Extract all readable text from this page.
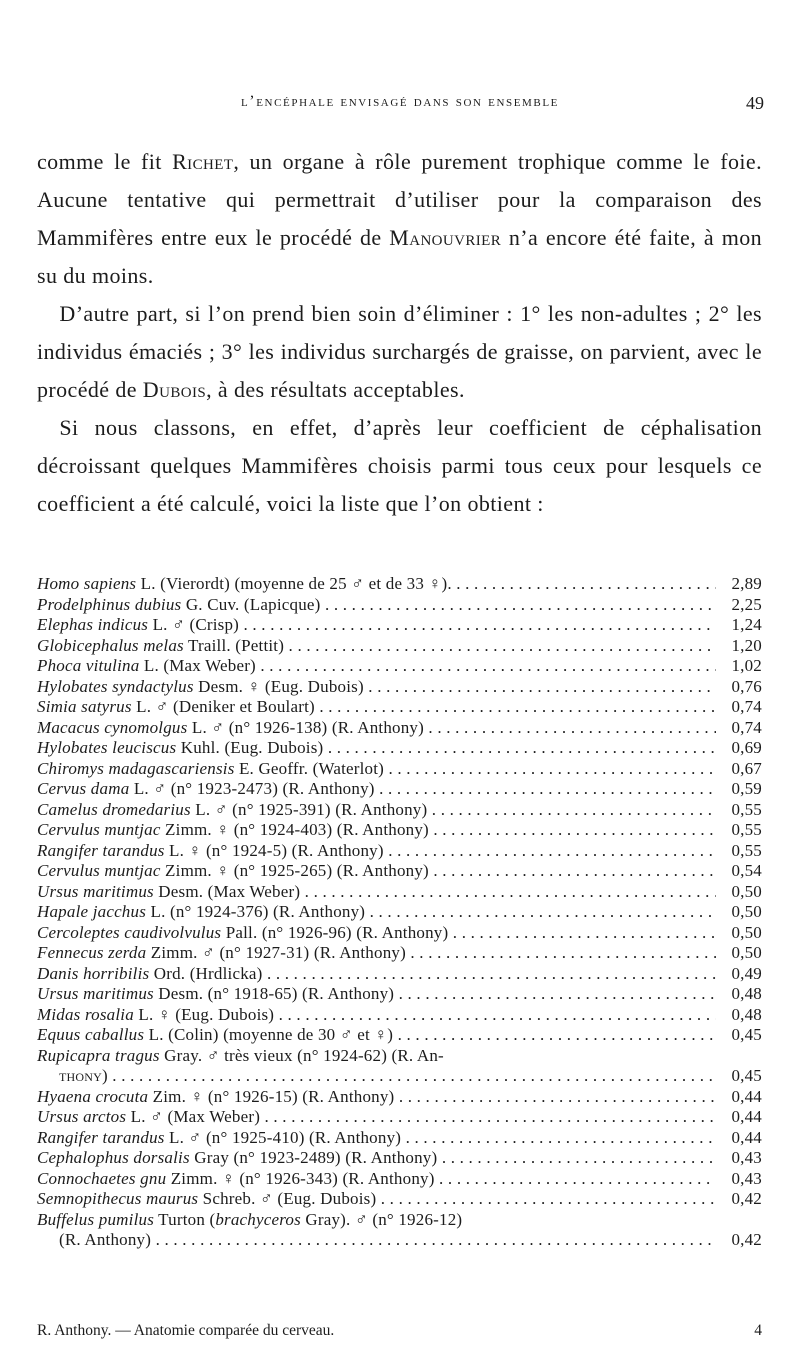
l’encéphale envisagé dans son ensemble	49

comme le fit Richet, un organe à rôle purement trophique comme le foie. Aucune tentative qui permettrait d’utiliser pour la comparaison des Mammifères entre eux le procédé de Manouvrier n’a encore été faite, à mon su du moins.

 D’autre part, si l’on prend bien soin d’éliminer : 1° les non-adultes ; 2° les individus émaciés ; 3° les individus surchargés de graisse, on parvient, avec le procédé de Dubois, à des résultats acceptables.

 Si nous classons, en effet, d’après leur coefficient de céphalisation décroissant quelques Mammifères choisis parmi tous ceux pour lesquels ce coefficient a été calculé, voici la liste que l’on obtient :

Homo sapiens L. (Vierordt) (moyenne de 25 ♂ et de 33 ♀). . . .	2,89
Prodelphinus dubius G. Cuv. (Lapicque) . . .	2,25
Elephas indicus L. ♂ (Crisp) . . .	1,24
Globicephalus melas Traill. (Pettit) . . .	1,20
Phoca vitulina L. (Max Weber) . . .	1,02
Hylobates syndactylus Desm. ♀ (Eug. Dubois) . . .	0,76
Simia satyrus L. ♂ (Deniker et Boulart) . . .	0,74
Macacus cynomolgus L. ♂ (n° 1926-138) (R. Anthony) . . .	0,74
Hylobates leuciscus Kuhl. (Eug. Dubois) . . .	0,69
Chiromys madagascariensis E. Geoffr. (Waterlot) . . .	0,67
Cervus dama L. ♂ (n° 1923-2473) (R. Anthony) . . .	0,59
Camelus dromedarius L. ♂ (n° 1925-391) (R. Anthony) . . .	0,55
Cervulus muntjac Zimm. ♀ (n° 1924-403) (R. Anthony) . . .	0,55
Rangifer tarandus L. ♀ (n° 1924-5) (R. Anthony) . . .	0,55
Cervulus muntjac Zimm. ♀ (n° 1925-265) (R. Anthony) . . .	0,54
Ursus maritimus Desm. (Max Weber) . . .	0,50
Hapale jacchus L. (n° 1924-376) (R. Anthony) . . .	0,50
Cercoleptes caudivolvulus Pall. (n° 1926-96) (R. Anthony) . . .	0,50
Fennecus zerda Zimm. ♂ (n° 1927-31) (R. Anthony) . . .	0,50
Danis horribilis Ord. (Hrdlicka) . . .	0,49
Ursus maritimus Desm. (n° 1918-65) (R. Anthony) . . .	0,48
Midas rosalia L. ♀ (Eug. Dubois) . . .	0,48
Equus caballus L. (Colin) (moyenne de 30 ♂ et ♀) . . .	0,45
Rupicapra tragus Gray. ♂ très vieux (n° 1924-62) (R. An-
thony) . . .	0,45
Hyaena crocuta Zim. ♀ (n° 1926-15) (R. Anthony) . . .	0,44
Ursus arctos L. ♂ (Max Weber) . . .	0,44
Rangifer tarandus L. ♂ (n° 1925-410) (R. Anthony) . . .	0,44
Cephalophus dorsalis Gray (n° 1923-2489) (R. Anthony) . . .	0,43
Connochaetes gnu Zimm. ♀ (n° 1926-343) (R. Anthony) . . .	0,43
Semnopithecus maurus Schreb. ♂ (Eug. Dubois) . . .	0,42
Buffelus pumilus Turton (brachyceros Gray). ♂ (n° 1926-12)
(R. Anthony) . . .	0,42
R. Anthony. — Anatomie comparée du cerveau.	4
